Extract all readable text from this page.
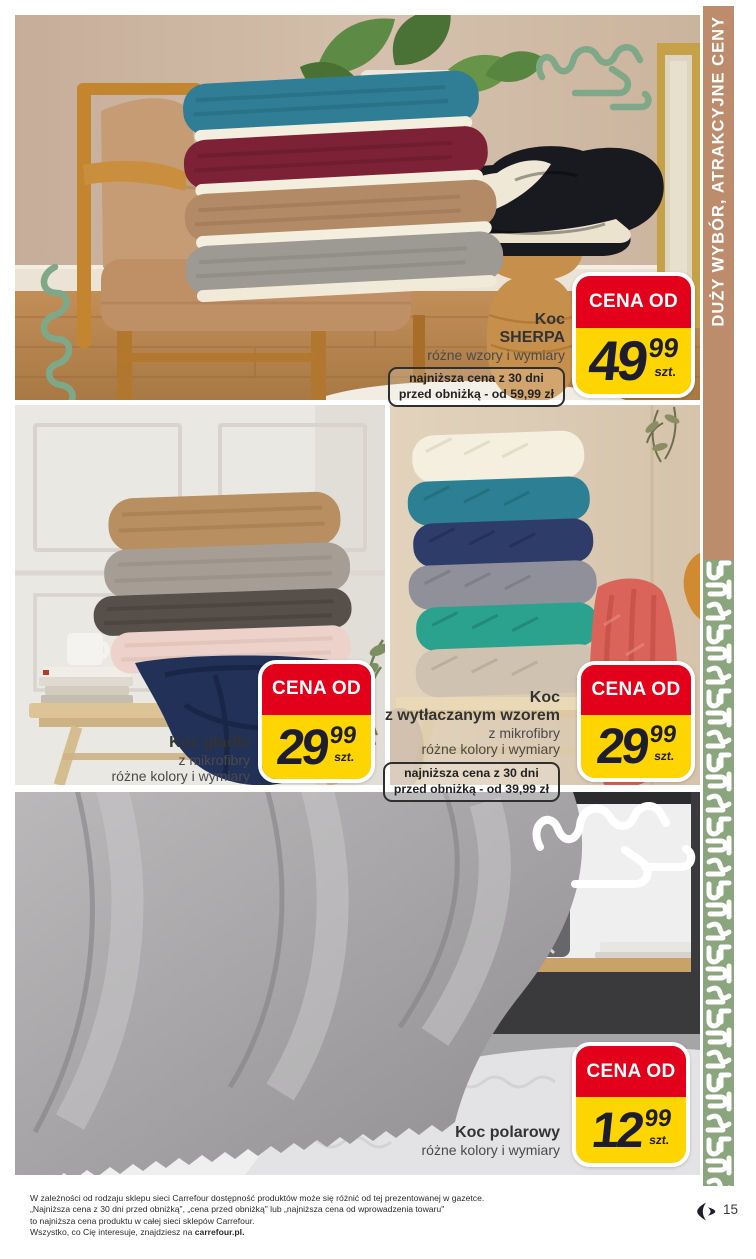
DUŻY WYBÓR, ATRAKCYJNE CENY
Koc
SHERPA
różne wzory i wymiary
najniższa cena z 30 dni
przed obniżką - od 59,99 zł
CENA OD
49
99
szt.
Koc gładki
z mikrofibry
różne kolory i wymiary
CENA OD
29
99
szt.
Koc
z wytłaczanym wzorem
z mikrofibry
różne kolory i wymiary
najniższa cena z 30 dni
przed obniżką - od 39,99 zł
CENA OD
29
99
szt.
Koc polarowy
różne kolory i wymiary
CENA OD
12
99
szt.
W zależności od rodzaju sklepu sieci Carrefour dostępność produktów może się różnić od tej prezentowanej w gazetce.
„Najniższa cena z 30 dni przed obniżką", „cena przed obniżką" lub „najniższa cena od wprowadzenia towaru"
to najniższa cena produktu w całej sieci sklepów Carrefour.
Wszystko, co Cię interesuje, znajdziesz na carrefour.pl.
15
